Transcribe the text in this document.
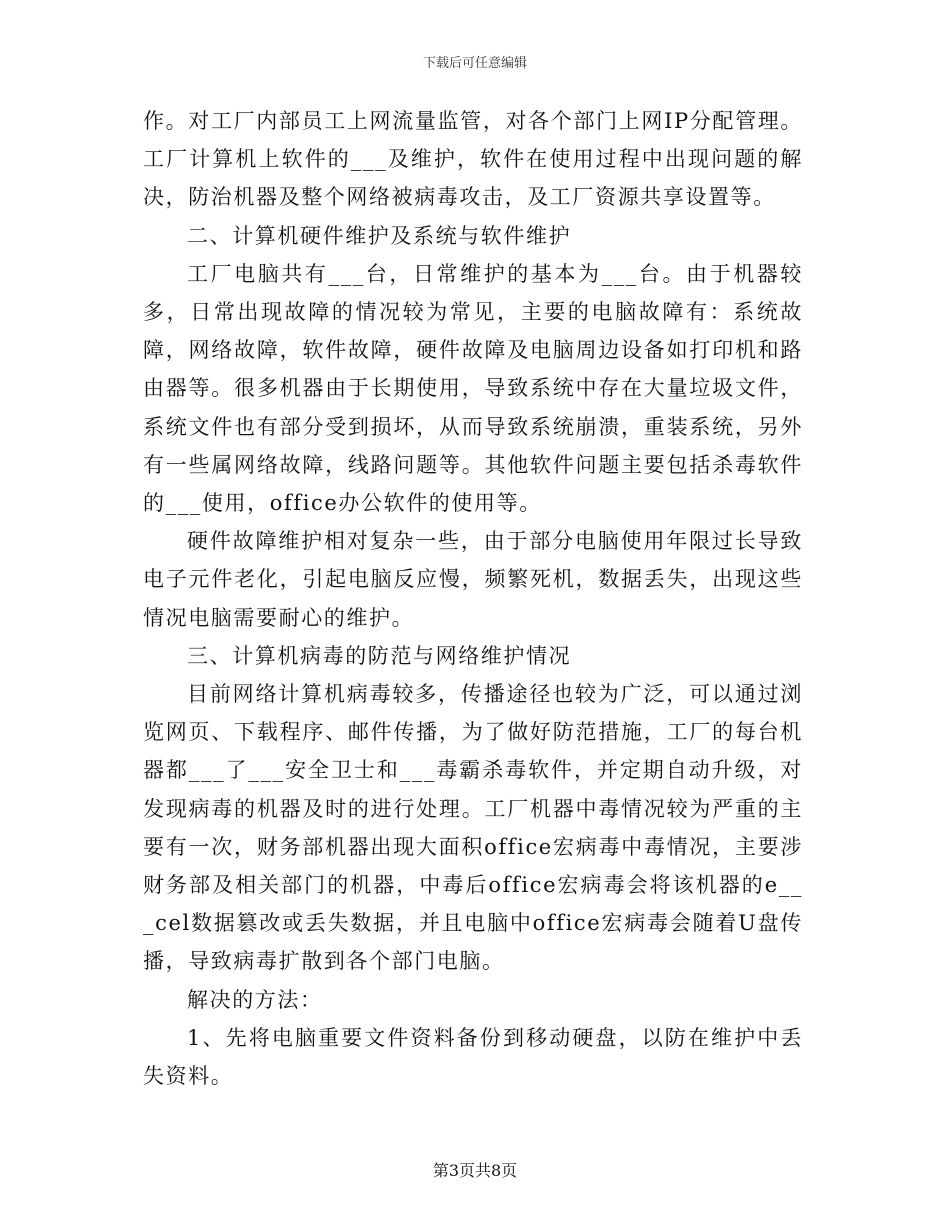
下载后可任意编辑

作。对工厂内部员工上网流量监管，对各个部门上网IP分配管理。工厂计算机上软件的___及维护，软件在使用过程中出现问题的解决，防治机器及整个网络被病毒攻击，及工厂资源共享设置等。

二、计算机硬件维护及系统与软件维护

工厂电脑共有___台，日常维护的基本为___台。由于机器较多，日常出现故障的情况较为常见，主要的电脑故障有：系统故障，网络故障，软件故障，硬件故障及电脑周边设备如打印机和路由器等。很多机器由于长期使用，导致系统中存在大量垃圾文件，系统文件也有部分受到损坏，从而导致系统崩溃，重装系统，另外有一些属网络故障，线路问题等。其他软件问题主要包括杀毒软件的___使用，office办公软件的使用等。

硬件故障维护相对复杂一些，由于部分电脑使用年限过长导致电子元件老化，引起电脑反应慢，频繁死机，数据丢失，出现这些情况电脑需要耐心的维护。

三、计算机病毒的防范与网络维护情况

目前网络计算机病毒较多，传播途径也较为广泛，可以通过浏览网页、下载程序、邮件传播，为了做好防范措施，工厂的每台机器都___了___安全卫士和___毒霸杀毒软件，并定期自动升级，对发现病毒的机器及时的进行处理。工厂机器中毒情况较为严重的主要有一次，财务部机器出现大面积office宏病毒中毒情况，主要涉财务部及相关部门的机器，中毒后office宏病毒会将该机器的e___cel数据篡改或丢失数据，并且电脑中office宏病毒会随着U盘传播，导致病毒扩散到各个部门电脑。

解决的方法：

1、先将电脑重要文件资料备份到移动硬盘，以防在维护中丢失资料。

第3页共8页
